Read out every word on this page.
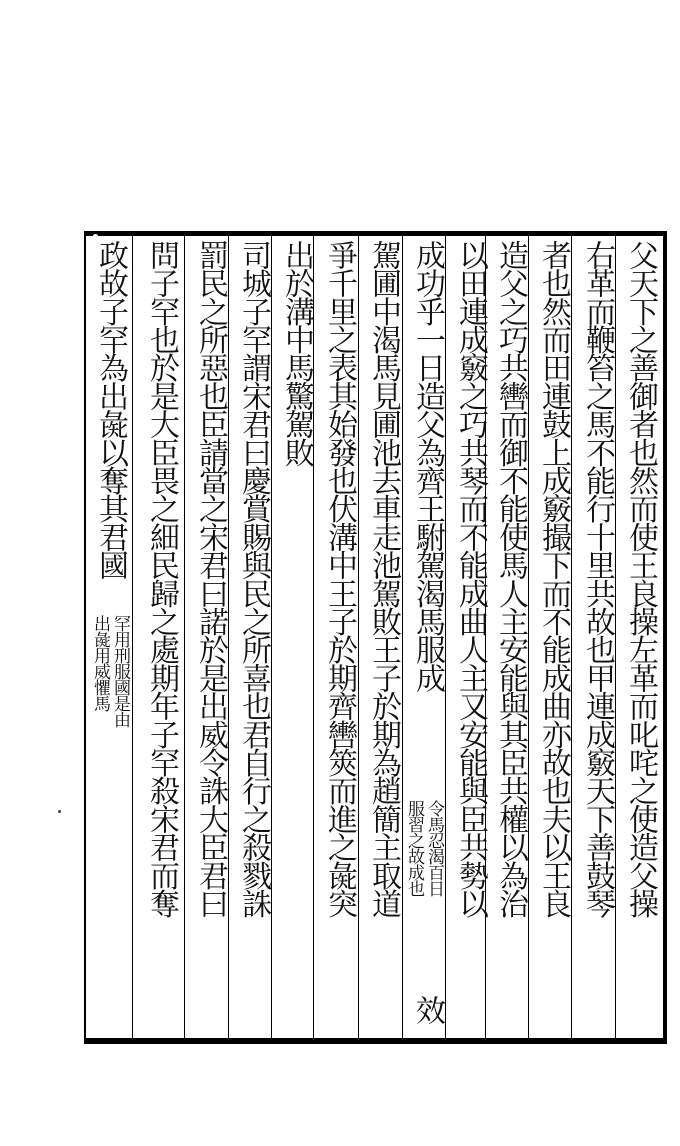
父天下之善御者也然而使王良操左革而叱咤之使造父操
右革而鞭笞之馬不能行十里共故也甲連成竅天下善鼓琴
者也然而田連鼓上成竅撮下而不能成曲亦故也夫以王良
造父之巧共轡而御不能使馬人主安能與其臣共權以為治
以田連成竅之巧共琴而不能成曲人主又安能與臣共勢以
成功乎一日造父為齊王駙駕渴馬服成
令馬忍渴百日
服習之故成也
效
駕圃中渴馬見圃池去車走池駕敗王子於期為趙簡主取道
爭千里之表其始發也伏溝中王子於期齊轡筴而進之彘突
出於溝中馬驚駕敗
司城子罕謂宋君曰慶賞賜與民之所喜也君自行之殺戮誅
罰民之所惡也臣請當之宋君曰諾於是出威令誅大臣君曰
問子罕也於是大臣畏之細民歸之處期年子罕殺宋君而奪
政故子罕為出彘以奪其君國
罕用刑服國是由
出彘用威懼馬
